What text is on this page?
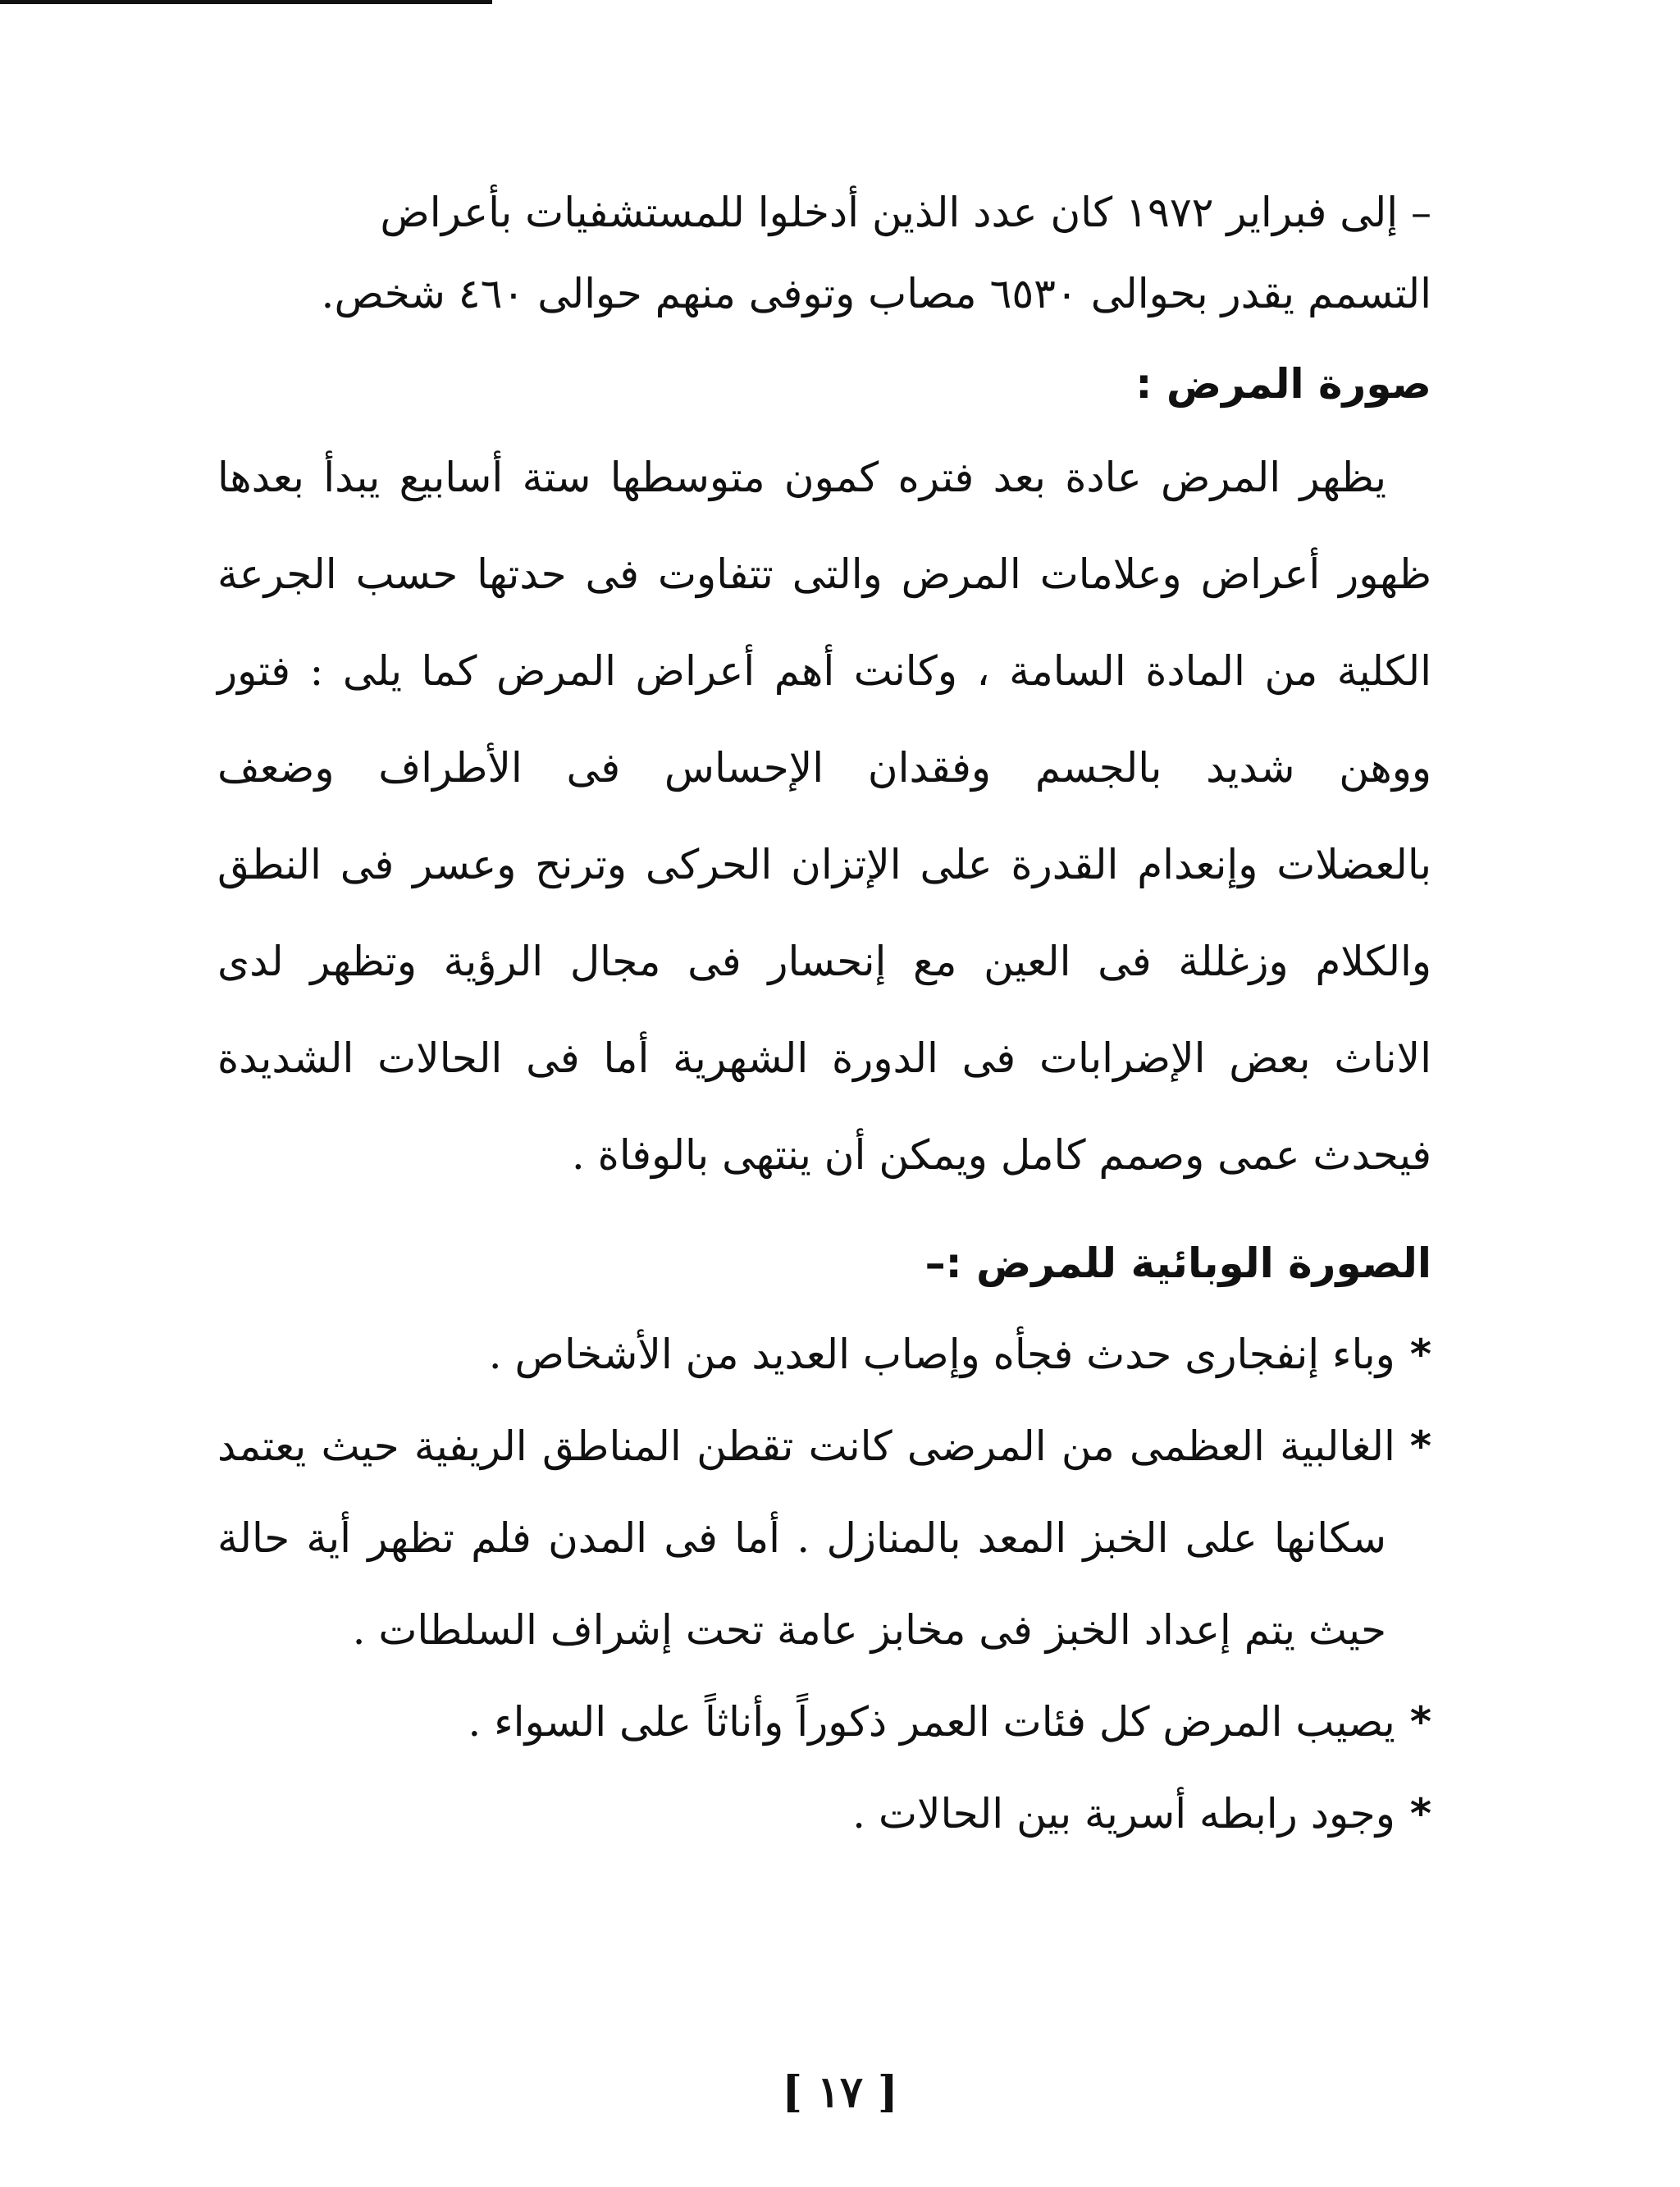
– إلى فبراير ١٩٧٢ كان عدد الذين أدخلوا للمستشفيات بأعراض

التسمم يقدر بحوالى ٦٥٣٠ مصاب وتوفى منهم حوالى ٤٦٠ شخص.

صورة المرض :

يظهر المرض عادة بعد فتره كمون متوسطها ستة أسابيع يبدأ بعدها

ظهور أعراض وعلامات المرض والتى تتفاوت فى حدتها حسب الجرعة

الكلية من المادة السامة ، وكانت أهم أعراض المرض كما يلى : فتور

ووهن شديد بالجسم وفقدان الإحساس فى الأطراف وضعف

بالعضلات وإنعدام القدرة على الإتزان الحركى وترنح وعسر فى النطق

والكلام وزغللة فى العين مع إنحسار فى مجال الرؤية وتظهر لدى

الاناث بعض الإضرابات فى الدورة الشهرية أما فى الحالات الشديدة

فيحدث عمى وصمم كامل ويمكن أن ينتهى بالوفاة .

الصورة الوبائية للمرض :–

*وباء إنفجارى حدث فجأه وإصاب العديد من الأشخاص .

*الغالبية العظمى من المرضى كانت تقطن المناطق الريفية حيث يعتمد

سكانها على الخبز المعد بالمنازل . أما فى المدن فلم تظهر أية حالة

حيث يتم إعداد الخبز فى مخابز عامة تحت إشراف السلطات .

*يصيب المرض كل فئات العمر ذكوراً وأناثاً على السواء .

*وجود رابطه أسرية بين الحالات .

[ ١٧ ]
